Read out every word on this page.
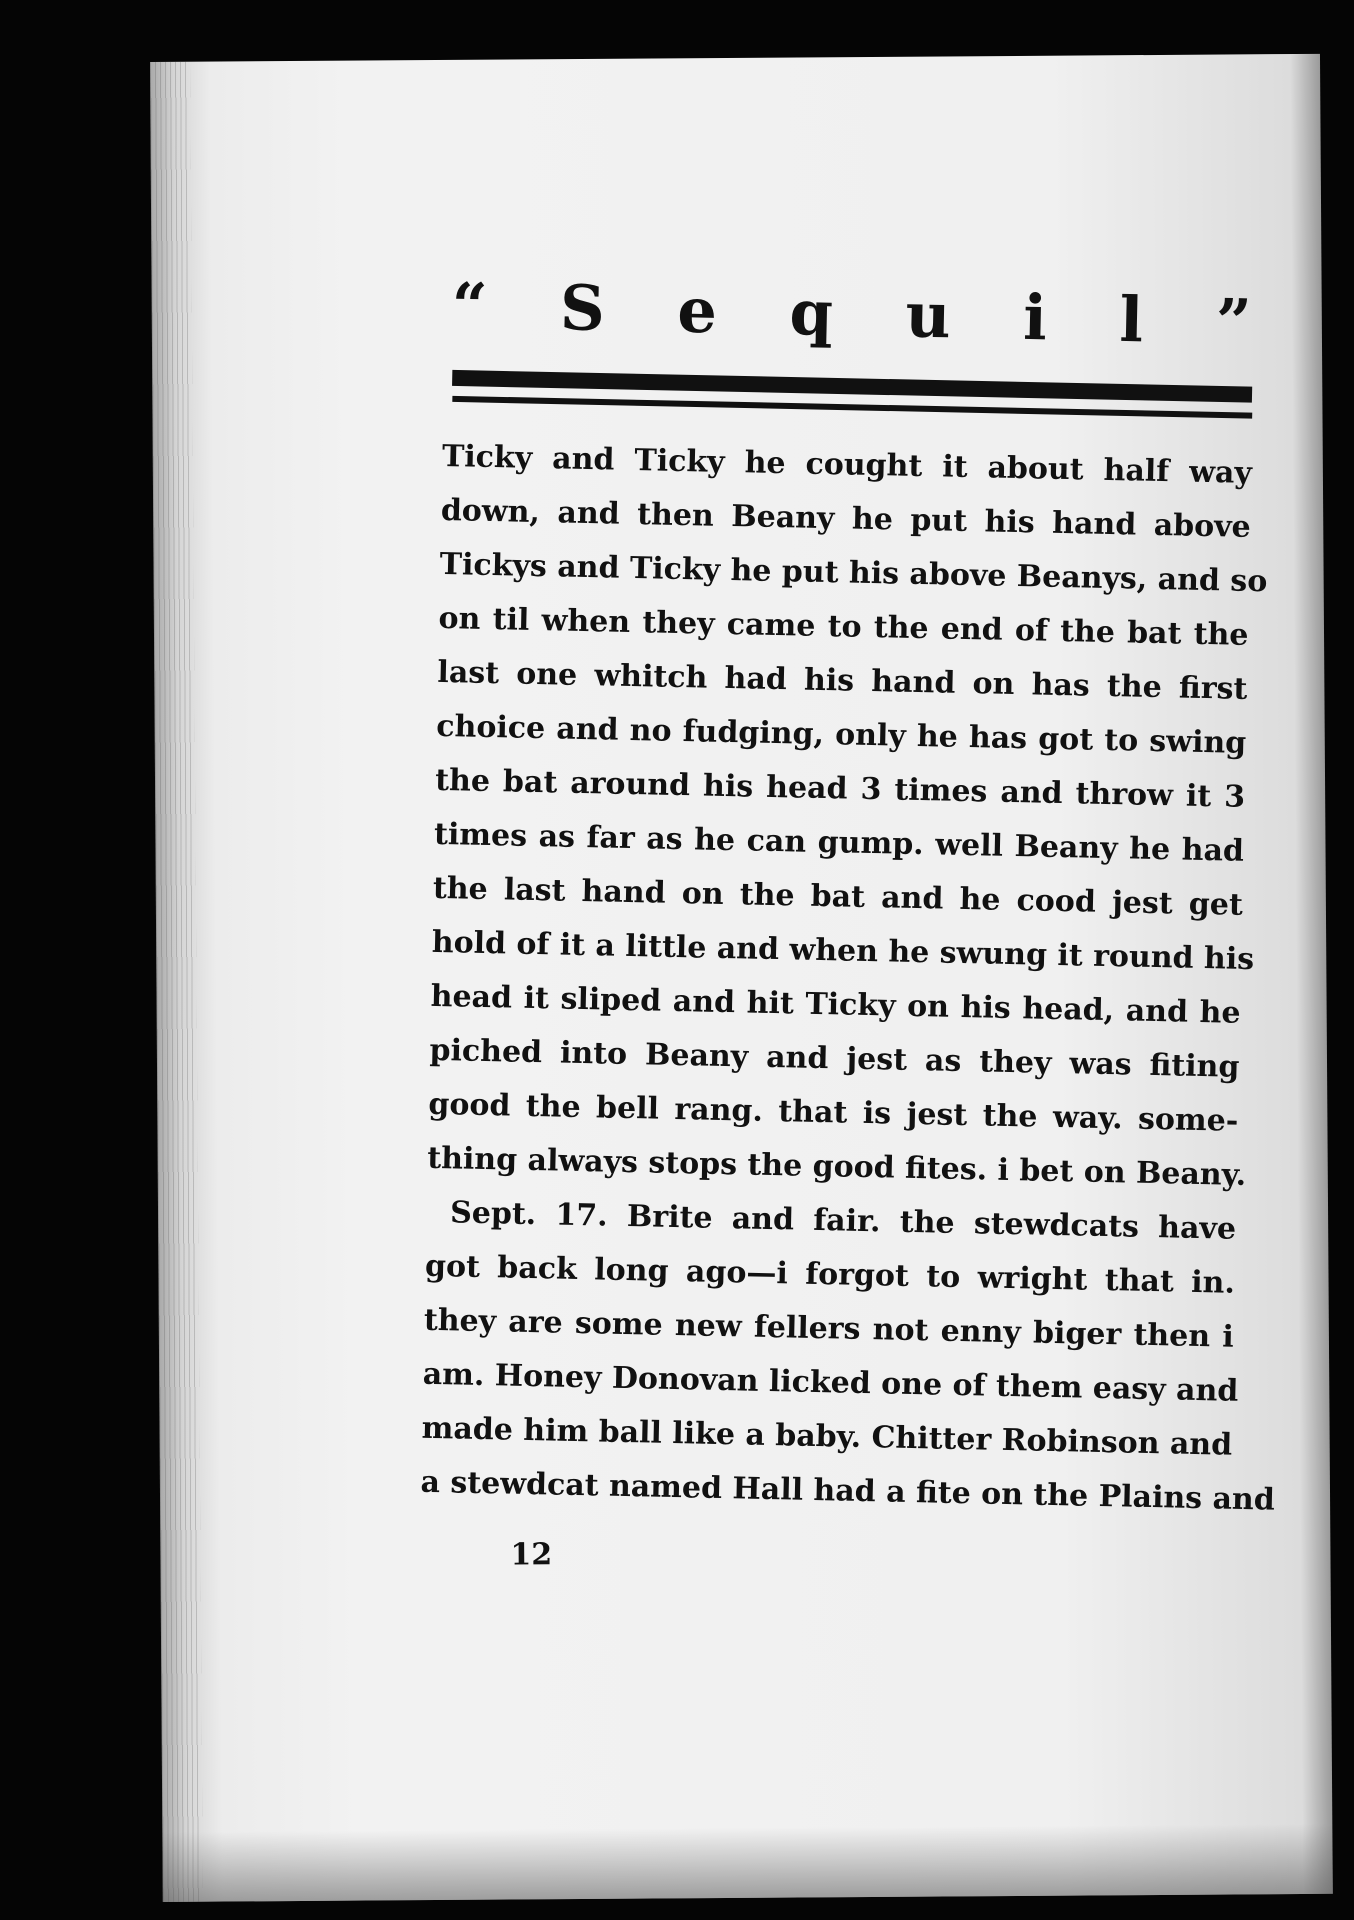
“ S e q u i l ”
Ticky and Ticky he cought it about half way
down, and then Beany he put his hand above
Tickys and Ticky he put his above Beanys, and so
on til when they came to the end of the bat the
last one whitch had his hand on has the first
choice and no fudging, only he has got to swing
the bat around his head 3 times and throw it 3
times as far as he can gump. well Beany he had
the last hand on the bat and he cood jest get
hold of it a little and when he swung it round his
head it sliped and hit Ticky on his head, and he
piched into Beany and jest as they was fiting
good the bell rang. that is jest the way. some-
thing always stops the good fites. i bet on Beany.
Sept. 17. Brite and fair. the stewdcats have
got back long ago—i forgot to wright that in.
they are some new fellers not enny biger then i
am. Honey Donovan licked one of them easy and
made him ball like a baby. Chitter Robinson and
a stewdcat named Hall had a fite on the Plains and
12
